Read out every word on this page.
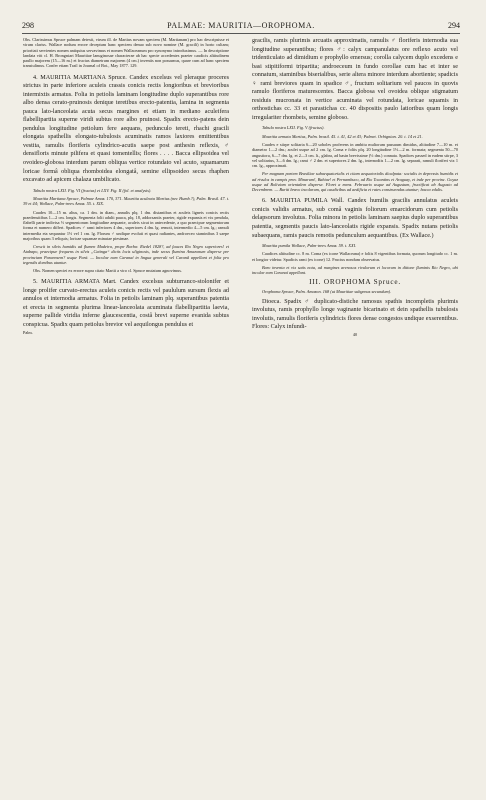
298	PALMAE: MAURITIA—OROPHOMA.	294

Obs. Clarissimus Spruce palmam detexit, virum ill. de Martius novam speciem (M. Martianam) pro hac descripsisse et virum clariss. Wallace nodum errore deceptum hanc speciem denuo sub novo nomine (M. gracili) in horto cultam; prioritati servientes nomen antiquius servavimus et nomen Wallaceanum pro synonymo introduximus. — In descriptione landata vitt cl. H. Brongniart Mauritiae lanuginosae characterae ab hac specie accedentes praeter caudicis altitudinem paullo majorem (15—16 m.) et fructus diametrum majorem (4 cm.) inventis non possumus, quare cum ad hanc speciem transtulimus. Confer etiam Trail in Journal of Bot., May 1877. 129.

4. MAURITIA MARTIANA Spruce. Candex excelsus vel pleraque proceres strictus in parte inferiore aculeis crassis conicis rectis longioribus et brevioribus intermixtis armatus. Folia in petiolis laminam longitudine duplo superantibus rore albo densa cerato-pruinosis denique teretibus erecto-patentia, lamina in segmenta pauca lato-lanceolata acuta secus margines et etiam in mediano aculeifera flabellipartita superne viridi subtus rore albo pruinosi. Spadix erecto-patens dein pendulus longitudine petiolum fere aequans, pedunculo tereti, rhachi gracili elongata spathellis elongato-tubulosis acuminatis ramos laxiores emittentibus vestita, ramulis floriferis cylindrico-acutis saepe post anthesin reflexis, ♂ densifloris minute pilifera et quasi tomentellis; flores . . . . Bacca ellipsoidea vel ovoideo-globosa interdum parum obliqua vertice rotundato vel acuto, squamarum loricae formâ obliqua rhomboidea elongatâ, semine ellipsoideo secus rhaphen excavato ad apicem chalaza umbilicato.

Tabula nostra LXII. Fig. VI (fructus) et LXV. Fig. II (fol. et analysis).

Mauritia Martiana Spruce, Palmae Amaz. 170, 371. Mauritia aculeata Martius (nec Humb.?), Palm. Brasil. 47. t. 39 et 44; Wallace, Palm-trees Amaz. 55. t. XIX.

Caudex 10—15 m. altus, ca. 1 dm. in diam., annulis plq. 1 dm. distantibus et aculeis ligneis conicis rectis praedensitibus 1—2 cm. longis. Segmenta folii adulti pauca, plq. 18, addorsantis praeter, rigide expansis et vix pendula, flabelli parte indivisa ⅓ segmentorum longitudine aequante, aculeis sicut in antecedente, a quo praecipue segmentorum forma et numero differt. Spadices ♂ rami inferiores 4 dm., superiores 4 dm. lg. remoti, intermedio 4—5 cm. lg.; ramuli intermedia eta sequantur 1⅓ vel 1 cm. lg. Florum ♂ undique evoluti et quasi radiantes, androeceo staminibus 3 saepe majoribus quam 3 reliquis; loricae squamae minutae piesimae.

Crescit in silvis humidis ad flumen Madeira, prope Borba: Riedel 1828?, ad fauces Rio Negro superiores! et Atabapo, praecipue frequens in silvis „Catinga“ dictis locis uliginosis, inde secus flumina Amazonum disperse per provinciam Paraensem? usque Pará. — Incolae eam Caranaí in lingua generali vel Caranã appellant et folia pro tegendis domibus utuntur.

Obs. Nomen speciei ex errore supra citato Martii a viro cl. Spruce mutatum agnovimus.

5. MAURITIA ARMATA Mart. Candex excelsus subturranco-stolonifer et longe prolifer curvato-erectus aculeis conicis rectis vel paululum sursum flexis ad annulos et internodia armatus. Folia in petiolis laminam plq. superantibus patentia et erecta in segmenta plurima linear-lanceolata acuminata flabellipartitia laevia, superne pallide viridia inferne glaucescentia, costâ brevi superne evanida subtus conspicua. Spadix quam petiolus brevior vel aequilongus pendulus et

Palm.

gracilis, ramis plurimis arcuatis approximatis, ramulis ♂ floriferis internodia sua longitudine superantibus; flores ♂: calyx campanulatus ore reflexo acuto vel tridenticulato ad dimidium e prophyllo emersus; corolla calycem duplo excedens e basi stipitiformi tripartita; androeceum in fundo corollae cum hac et inter se connatum, staminibus biserialibus, serie altera minore interdum abortiente; spadicis ♀ rami breviores quam in spadice ♂, fructum solitarium vel paucos in quovis ramulo floriferos maturescentes. Bacca globosa vel ovoidea oblique stigmatum residuis mucronata in vertice acuminata vel rotundata, loricae squamis in orthostichas cc. 33 et parastichas cc. 40 dispositis paulo latioribus quam longis irregulariter rhombeis, semine globoso.

Tabula nostra LXII. Fig. V (fructus).

Mauritia armata Martius, Palm. brasil. 45. t. 41, 42 et 43; Palmet. Orbignian. 20. t. 14 et 21.

Caudex e stirpe solitaria 6—20 soboles proferens in ambitu multorum passuum dimidus, altitudine 7—10 m. et diametro 1—2 dm.; aculei usque ad 2 cm. lg. Coma e foliis plq. 20 longitudine 1⅓—2 m. formata; segmenta 50—70 angustiora, 6—7 dm. lg. et 2—3 cm. lt., glabra, ad basin brevissime (⅓ dm.) connata. Spadices passed in eadem stirpe, 3 vel solitarius, 3—6 dm. lg.; rami ♂ 2 dm. et superiores 2 dm. lg., internodiis 1—2 cm. lg. separati, ramuli floriferi vix 1 cm. lg., approximati.

Per magnam partem Brasiliae subaequatorialis et citam aequatorialis dicalpata: socialis in depressis humidis et ad rivulos in campis prov. Minarum!, Bahiae! et Pernambuco, ad Rio Tocantins et Araguay, et inde per provinc. Goyaz usque ad Boliviam orientalem disperse. Floret a mens. Februario usque ad Augustum, fructificat ab Augusto ad Decembrem. — Buriti bravo incolarum, qui caudicibus ad aedificia et rates construendas utuntur; bacca edulis.

6. MAURITIA PUMILA Wall. Candex humilis gracilis annulatus aculeis conicis validis armatus, sub comâ vaginis foliorum emarcidorum cum petiolis delapsorum involutus. Folia minora in petiolis laminam saepius duplo superantibus patentia, segmentis paucis lato-lanceolatis rigide expansis. Spadix nutans petiolis subaequans, ramis paucis remotis pedunculum aequantibus. (Ex Wallace.)

Mauritia pumila Wallace, Palm-trees Amaz. 59. t. XXI.

Caudices altitudine cc. 8 m. Coma (ex icone Wallaceana) e foliis 8 vigentibus formata, quorum longitudo cc. 1 m. et longior videtur. Spadicis rami (ex icone) 12. Fructus nondum observatus.

Baro inventa et vix satis nota, ad margines arenosos rivulorum et locorum in ditione fluminis Rio Negro, ubi incolae eam Caranaí appellant.

III. OROPHOMA Spruce.

Orophoma Spruce, Palm. Amazon. 168 (ut Mauritiae subgenus secundum).

Dioeca. Spadix ♂ duplicato-distiche ramosus spathis incompletis plurimis involutus, ramis prophyllo longe vaginante bicarinato et dein spathellis tubulosis involutis, ramulis floriferis cylindricis flores dense congestos undique exserentibus. Flores: Calyx infundi-

40
